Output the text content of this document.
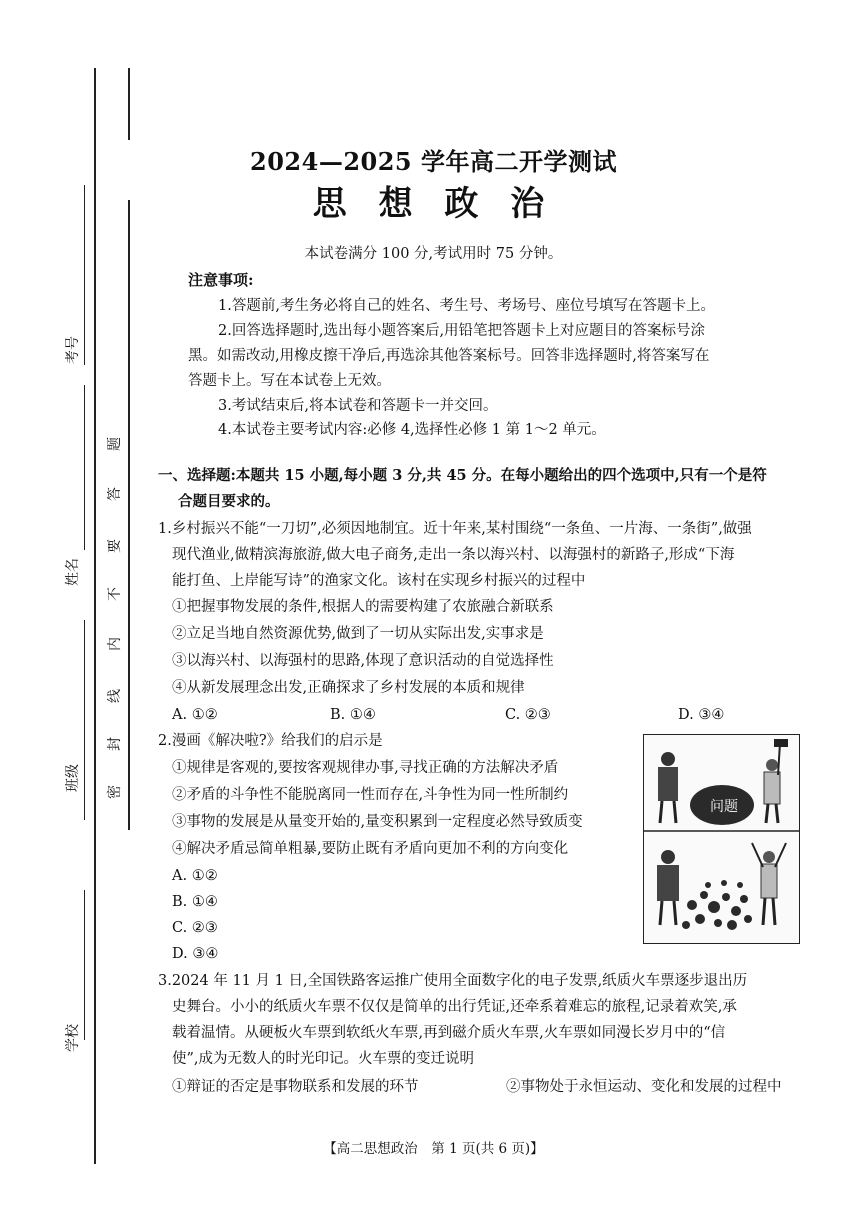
考号
姓名
班级
学校
题
答
要
不
内
线
封
密
2024—2025 学年高二开学测试
思 想 政 治
本试卷满分 100 分,考试用时 75 分钟。
注意事项:
1.答题前,考生务必将自己的姓名、考生号、考场号、座位号填写在答题卡上。
2.回答选择题时,选出每小题答案后,用铅笔把答题卡上对应题目的答案标号涂
黑。如需改动,用橡皮擦干净后,再选涂其他答案标号。回答非选择题时,将答案写在
答题卡上。写在本试卷上无效。
3.考试结束后,将本试卷和答题卡一并交回。
4.本试卷主要考试内容:必修 4,选择性必修 1 第 1～2 单元。
一、选择题:本题共 15 小题,每小题 3 分,共 45 分。在每小题给出的四个选项中,只有一个是符
合题目要求的。
1.乡村振兴不能“一刀切”,必须因地制宜。近十年来,某村围绕“一条鱼、一片海、一条街”,做强
现代渔业,做精滨海旅游,做大电子商务,走出一条以海兴村、以海强村的新路子,形成“下海
能打鱼、上岸能写诗”的渔家文化。该村在实现乡村振兴的过程中
①把握事物发展的条件,根据人的需要构建了农旅融合新联系
②立足当地自然资源优势,做到了一切从实际出发,实事求是
③以海兴村、以海强村的思路,体现了意识活动的自觉选择性
④从新发展理念出发,正确探求了乡村发展的本质和规律
A. ①②	B. ①④	C. ②③	D. ③④
2.漫画《解决啦?》给我们的启示是
①规律是客观的,要按客观规律办事,寻找正确的方法解决矛盾
②矛盾的斗争性不能脱离同一性而存在,斗争性为同一性所制约
③事物的发展是从量变开始的,量变积累到一定程度必然导致质变
④解决矛盾忌简单粗暴,要防止既有矛盾向更加不利的方向变化
A. ①②
B. ①④
C. ②③
D. ③④
问题
3.2024 年 11 月 1 日,全国铁路客运推广使用全面数字化的电子发票,纸质火车票逐步退出历
史舞台。小小的纸质火车票不仅仅是简单的出行凭证,还牵系着难忘的旅程,记录着欢笑,承
载着温情。从硬板火车票到软纸火车票,再到磁介质火车票,火车票如同漫长岁月中的“信
使”,成为无数人的时光印记。火车票的变迁说明
①辩证的否定是事物联系和发展的环节	②事物处于永恒运动、变化和发展的过程中
【高二思想政治　第 1 页(共 6 页)】
